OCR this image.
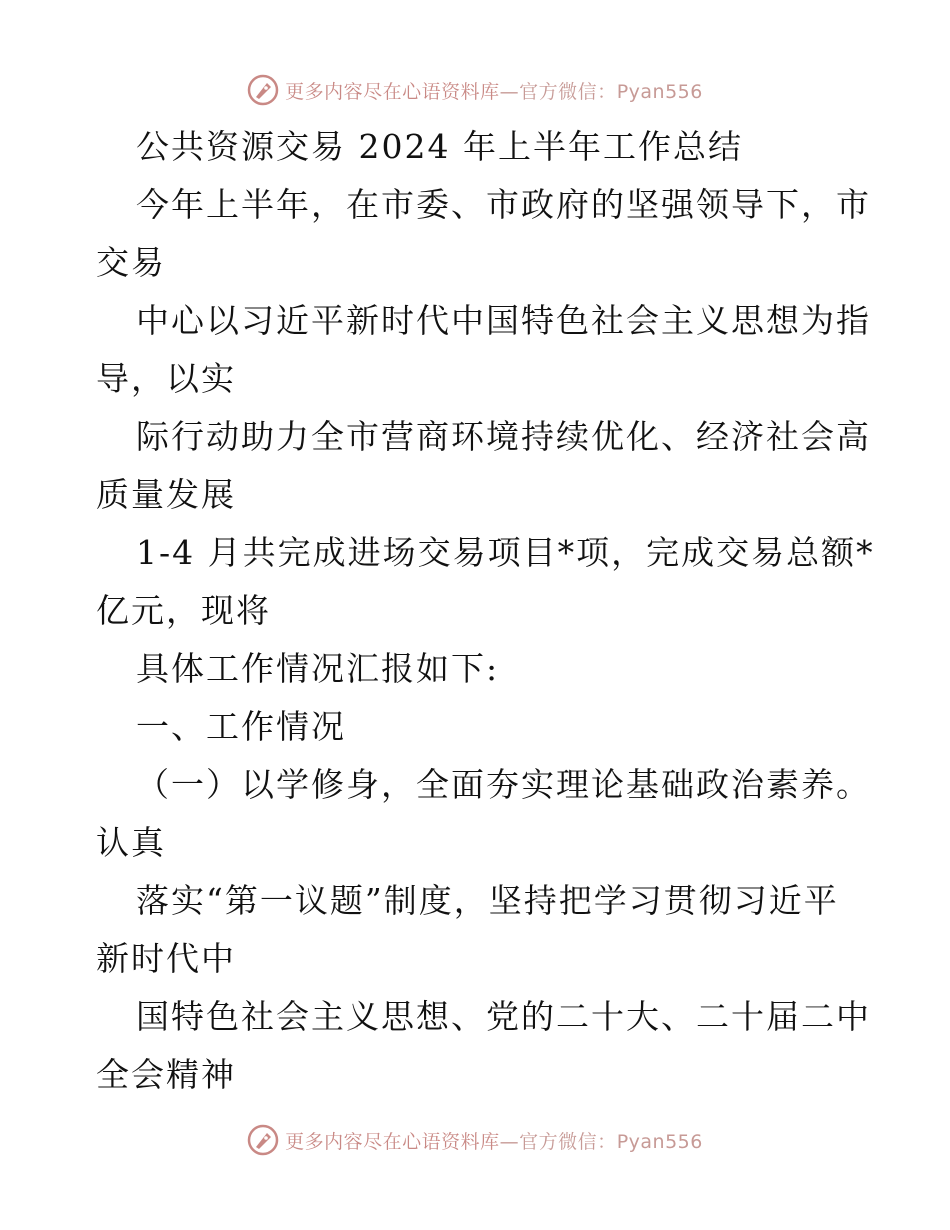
更多内容尽在心语资料库—官方微信：Pyan556
公共资源交易 2024 年上半年工作总结
今年上半年，在市委、市政府的坚强领导下，市
交易
中心以习近平新时代中国特色社会主义思想为指
导，以实
际行动助力全市营商环境持续优化、经济社会高
质量发展
1-4 月共完成进场交易项目*项，完成交易总额*
亿元，现将
具体工作情况汇报如下:
一、工作情况
（一）以学修身，全面夯实理论基础政治素养。
认真
落实“第一议题”制度，坚持把学习贯彻习近平
新时代中
国特色社会主义思想、党的二十大、二十届二中
全会精神
更多内容尽在心语资料库—官方微信：Pyan556
